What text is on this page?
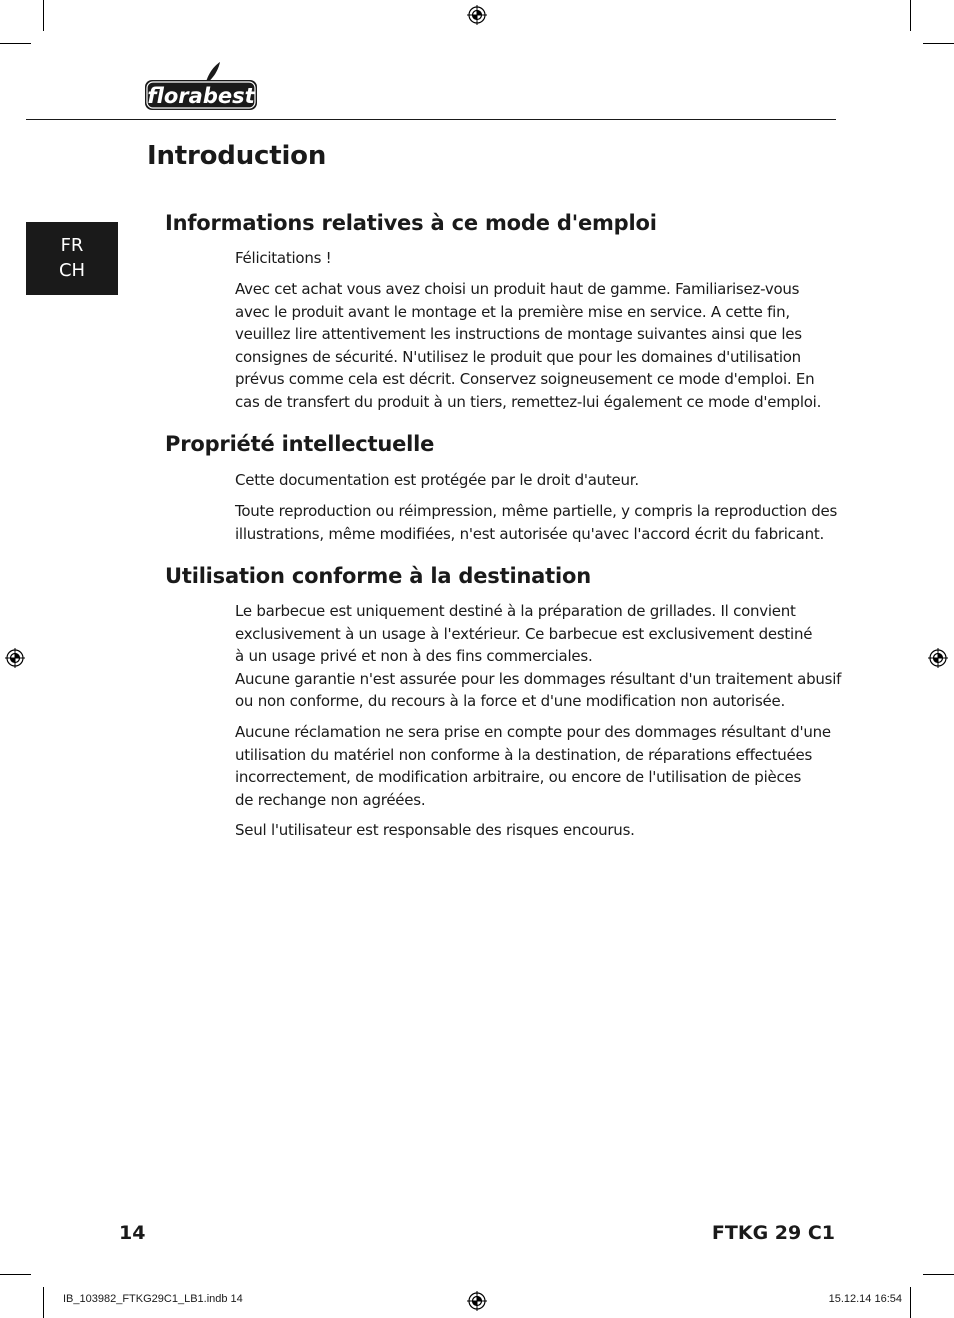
florabest
Introduction
FR
CH
Informations relatives à ce mode d'emploi

Félicitations !

Avec cet achat vous avez choisi un produit haut de gamme. Familiarisez-vous
avec le produit avant le montage et la première mise en service. A cette fin,
veuillez lire attentivement les instructions de montage suivantes ainsi que les
consignes de sécurité. N'utilisez le produit que pour les domaines d'utilisation
prévus comme cela est décrit. Conservez soigneusement ce mode d'emploi. En
cas de transfert du produit à un tiers, remettez-lui également ce mode d'emploi.

Propriété intellectuelle

Cette documentation est protégée par le droit d'auteur.

Toute reproduction ou réimpression, même partielle, y compris la reproduction des
illustrations, même modifiées, n'est autorisée qu'avec l'accord écrit du fabricant.

Utilisation conforme à la destination

Le barbecue est uniquement destiné à la préparation de grillades. Il convient
exclusivement à un usage à l'extérieur. Ce barbecue est exclusivement destiné
à un usage privé et non à des fins commerciales.
Aucune garantie n'est assurée pour les dommages résultant d'un traitement abusif
ou non conforme, du recours à la force et d'une modification non autorisée.

Aucune réclamation ne sera prise en compte pour des dommages résultant d'une
utilisation du matériel non conforme à la destination, de réparations effectuées
incorrectement, de modification arbitraire, ou encore de l'utilisation de pièces
de rechange non agréées.

Seul l'utilisateur est responsable des risques encourus.

14	FTKG 29 C1
IB_103982_FTKG29C1_LB1.indb 14	15.12.14 16:54
